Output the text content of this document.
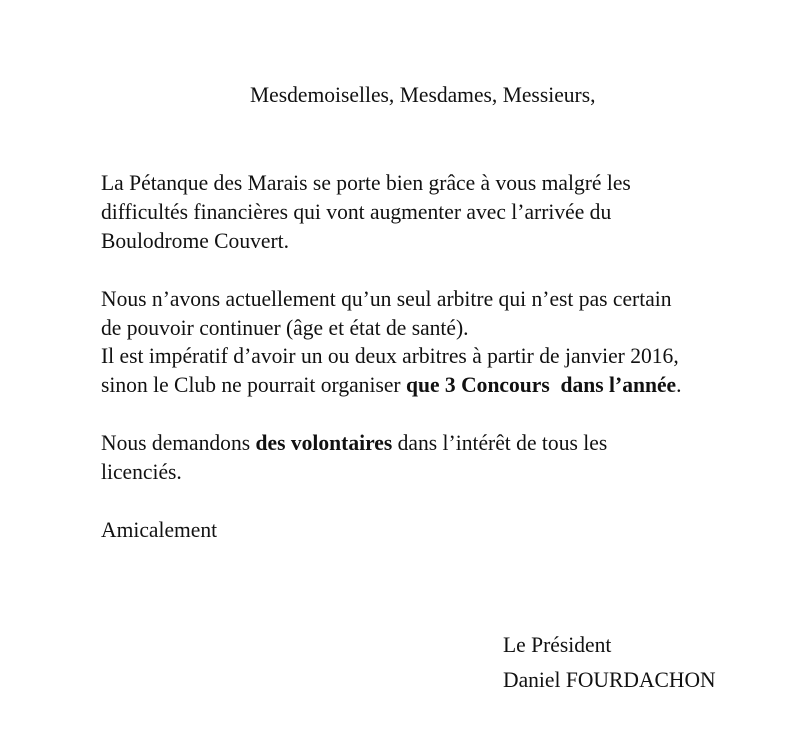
Mesdemoiselles, Mesdames, Messieurs,
La Pétanque des Marais se porte bien grâce à vous malgré les
difficultés financières qui vont augmenter avec l’arrivée du
Boulodrome Couvert.
Nous n’avons actuellement qu’un seul arbitre qui n’est pas certain
de pouvoir continuer (âge et état de santé).
Il est impératif d’avoir un ou deux arbitres à partir de janvier 2016,
sinon le Club ne pourrait organiser que 3 Concours  dans l’année.
Nous demandons des volontaires dans l’intérêt de tous les
licenciés.
Amicalement
Le Président
Daniel FOURDACHON
